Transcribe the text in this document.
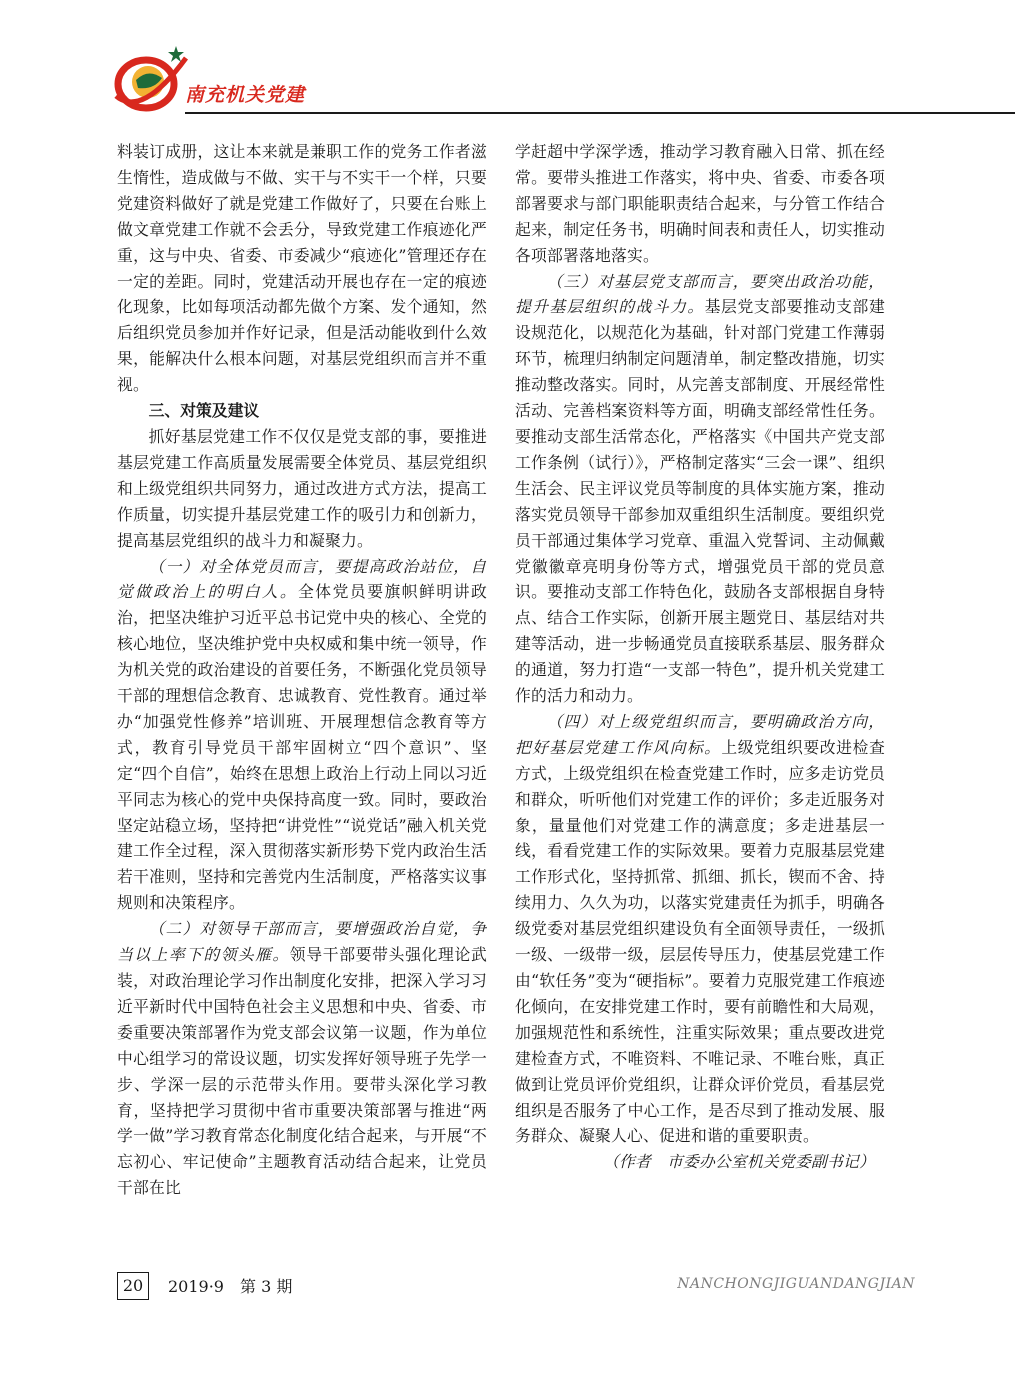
南充机关党建

料装订成册，这让本来就是兼职工作的党务工作者滋生惰性，造成做与不做、实干与不实干一个样，只要党建资料做好了就是党建工作做好了，只要在台账上做文章党建工作就不会丢分，导致党建工作痕迹化严重，这与中央、省委、市委减少“痕迹化”管理还存在一定的差距。同时，党建活动开展也存在一定的痕迹化现象，比如每项活动都先做个方案、发个通知，然后组织党员参加并作好记录，但是活动能收到什么效果，能解决什么根本问题，对基层党组织而言并不重视。

三、对策及建议

抓好基层党建工作不仅仅是党支部的事，要推进基层党建工作高质量发展需要全体党员、基层党组织和上级党组织共同努力，通过改进方式方法，提高工作质量，切实提升基层党建工作的吸引力和创新力，提高基层党组织的战斗力和凝聚力。

（一）对全体党员而言，要提高政治站位，自觉做政治上的明白人。全体党员要旗帜鲜明讲政治，把坚决维护习近平总书记党中央的核心、全党的核心地位，坚决维护党中央权威和集中统一领导，作为机关党的政治建设的首要任务，不断强化党员领导干部的理想信念教育、忠诚教育、党性教育。通过举办“加强党性修养”培训班、开展理想信念教育等方式，教育引导党员干部牢固树立“四个意识”、坚定“四个自信”，始终在思想上政治上行动上同以习近平同志为核心的党中央保持高度一致。同时，要政治坚定站稳立场，坚持把“讲党性”“说党话”融入机关党建工作全过程，深入贯彻落实新形势下党内政治生活若干准则，坚持和完善党内生活制度，严格落实议事规则和决策程序。

（二）对领导干部而言，要增强政治自觉，争当以上率下的领头雁。领导干部要带头强化理论武装，对政治理论学习作出制度化安排，把深入学习习近平新时代中国特色社会主义思想和中央、省委、市委重要决策部署作为党支部会议第一议题，作为单位中心组学习的常设议题，切实发挥好领导班子先学一步、学深一层的示范带头作用。要带头深化学习教育，坚持把学习贯彻中省市重要决策部署与推进“两学一做”学习教育常态化制度化结合起来，与开展“不忘初心、牢记使命”主题教育活动结合起来，让党员干部在比

学赶超中学深学透，推动学习教育融入日常、抓在经常。要带头推进工作落实，将中央、省委、市委各项部署要求与部门职能职责结合起来，与分管工作结合起来，制定任务书，明确时间表和责任人，切实推动各项部署落地落实。

（三）对基层党支部而言，要突出政治功能，提升基层组织的战斗力。基层党支部要推动支部建设规范化，以规范化为基础，针对部门党建工作薄弱环节，梳理归纳制定问题清单，制定整改措施，切实推动整改落实。同时，从完善支部制度、开展经常性活动、完善档案资料等方面，明确支部经常性任务。要推动支部生活常态化，严格落实《中国共产党支部工作条例（试行）》，严格制定落实“三会一课”、组织生活会、民主评议党员等制度的具体实施方案，推动落实党员领导干部参加双重组织生活制度。要组织党员干部通过集体学习党章、重温入党誓词、主动佩戴党徽徽章亮明身份等方式，增强党员干部的党员意识。要推动支部工作特色化，鼓励各支部根据自身特点、结合工作实际，创新开展主题党日、基层结对共建等活动，进一步畅通党员直接联系基层、服务群众的通道，努力打造“一支部一特色”，提升机关党建工作的活力和动力。

（四）对上级党组织而言，要明确政治方向，把好基层党建工作风向标。上级党组织要改进检查方式，上级党组织在检查党建工作时，应多走访党员和群众，听听他们对党建工作的评价；多走近服务对象，量量他们对党建工作的满意度；多走进基层一线，看看党建工作的实际效果。要着力克服基层党建工作形式化，坚持抓常、抓细、抓长，锲而不舍、持续用力、久久为功，以落实党建责任为抓手，明确各级党委对基层党组织建设负有全面领导责任，一级抓一级、一级带一级，层层传导压力，使基层党建工作由“软任务”变为“硬指标”。要着力克服党建工作痕迹化倾向，在安排党建工作时，要有前瞻性和大局观，加强规范性和系统性，注重实际效果；重点要改进党建检查方式，不唯资料、不唯记录、不唯台账，真正做到让党员评价党组织，让群众评价党员，看基层党组织是否服务了中心工作，是否尽到了推动发展、服务群众、凝聚人心、促进和谐的重要职责。

（作者　市委办公室机关党委副书记）

20	2019·9　第 3 期	NANCHONGJIGUANDANGJIAN
